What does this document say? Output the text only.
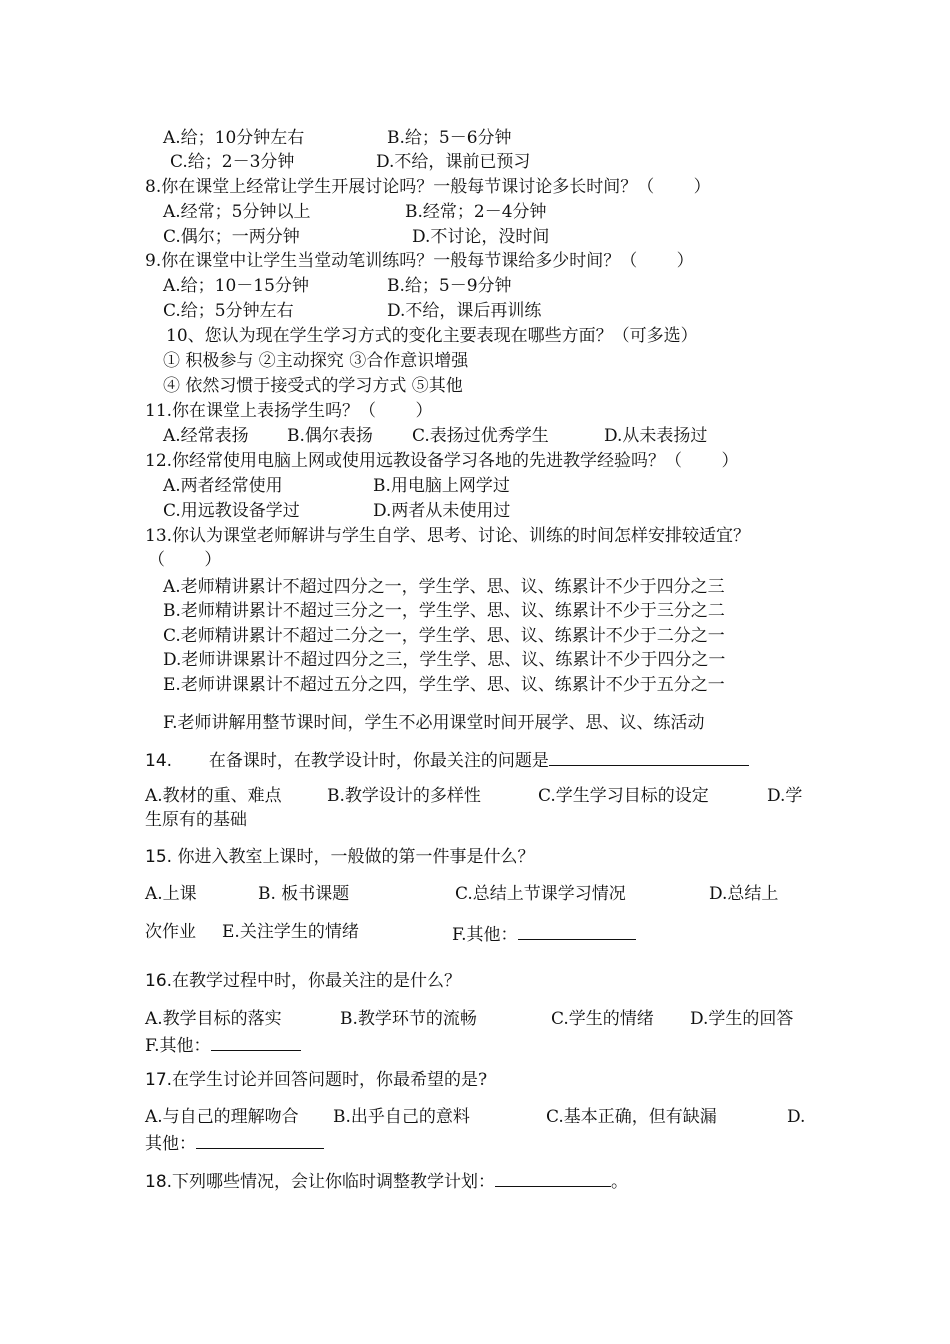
A.给；10分钟左右	B.给；5－6分钟
C.给；2－3分钟	D.不给，课前已预习
8.你在课堂上经常让学生开展讨论吗？一般每节课讨论多长时间？（　　 ）
A.经常；5分钟以上	B.经常；2－4分钟
C.偶尔；一两分钟	D.不讨论，没时间
9.你在课堂中让学生当堂动笔训练吗？一般每节课给多少时间？（　　 ）
A.给；10－15分钟	B.给；5－9分钟
C.给；5分钟左右	D.不给，课后再训练
10、您认为现在学生学习方式的变化主要表现在哪些方面？（可多选）
① 积极参与 ②主动探究 ③合作意识增强
④ 依然习惯于接受式的学习方式 ⑤其他
11.你在课堂上表扬学生吗？（　　 ）
A.经常表扬 B.偶尔表扬 C.表扬过优秀学生	D.从未表扬过
12.你经常使用电脑上网或使用远教设备学习各地的先进教学经验吗？（　　 ）
A.两者经常使用	B.用电脑上网学过
C.用远教设备学过	D.两者从未使用过
13.你认为课堂老师解讲与学生自学、思考、讨论、训练的时间怎样安排较适宜？
（　　 ）
A.老师精讲累计不超过四分之一，学生学、思、议、练累计不少于四分之三
B.老师精讲累计不超过三分之一，学生学、思、议、练累计不少于三分之二
C.老师精讲累计不超过二分之一，学生学、思、议、练累计不少于二分之一
D.老师讲课累计不超过四分之三，学生学、思、议、练累计不少于四分之一
E.老师讲课累计不超过五分之四，学生学、思、议、练累计不少于五分之一
F.老师讲解用整节课时间，学生不必用课堂时间开展学、思、议、练活动
14. 在备课时，在教学设计时，你最关注的问题是
A.教材的重、难点	B.教学设计的多样性	C.学生学习目标的设定	D.学
生原有的基础
15. 你进入教室上课时，一般做的第一件事是什么？
A.上课	B. 板书课题	C.总结上节课学习情况	D.总结上
次作业 E.关注学生的情绪	F.其他：
16.在教学过程中时，你最关注的是什么？
A.教学目标的落实	B.教学环节的流畅	C.学生的情绪 D.学生的回答
F.其他：
17.在学生讨论并回答问题时，你最希望的是?
A.与自己的理解吻合 B.出乎自己的意料	C.基本正确，但有缺漏	D.
其他：
18.下列哪些情况，会让你临时调整教学计划：	。
